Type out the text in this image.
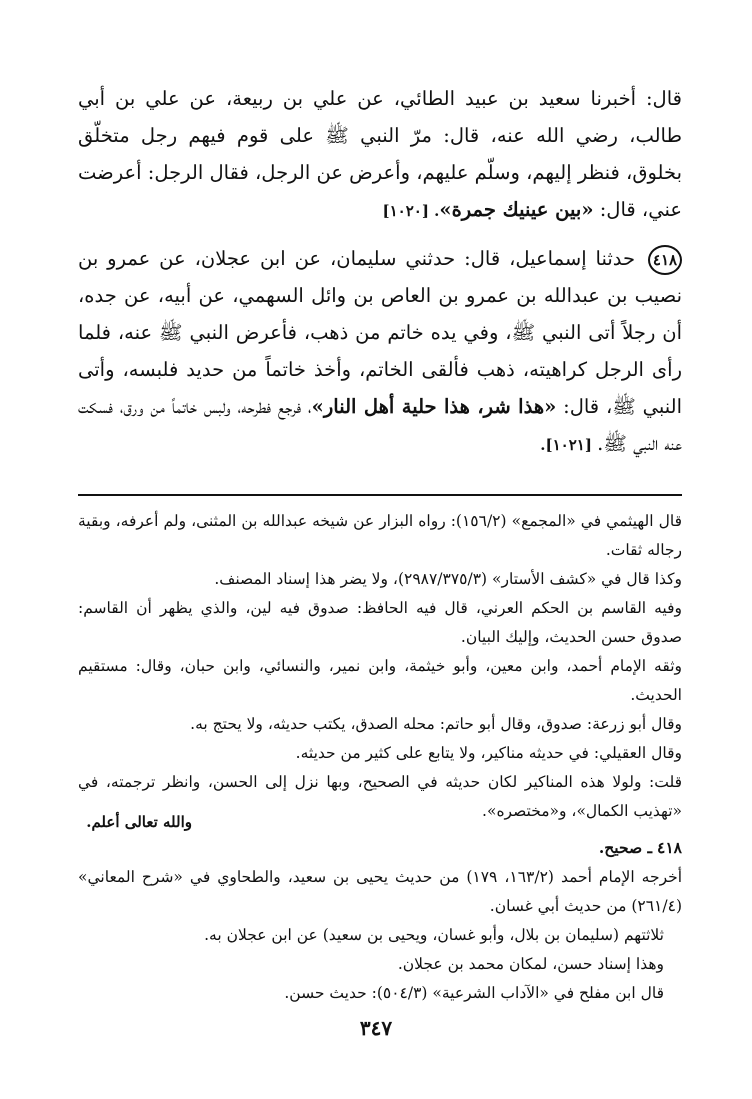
قال: أخبرنا سعيد بن عبيد الطائي، عن علي بن ربيعة، عن علي بن أبي طالب، رضي الله عنه، قال: مرّ النبي ﷺ على قوم فيهم رجل متخلّق بخلوق، فنظر إليهم، وسلّم عليهم، وأعرض عن الرجل، فقال الرجل: أعرضت عني، قال: «بين عينيك جمرة». [١٠٢٠]

٤١٨ حدثنا إسماعيل، قال: حدثني سليمان، عن ابن عجلان، عن عمرو بن نصيب بن عبدالله بن عمرو بن العاص بن وائل السهمي، عن أبيه، عن جده، أن رجلاً أتى النبي ﷺ، وفي يده خاتم من ذهب، فأعرض النبي ﷺ عنه، فلما رأى الرجل كراهيته، ذهب فألقى الخاتم، وأخذ خاتماً من حديد فلبسه، وأتى النبي ﷺ، قال: «هذا شر، هذا حلية أهل النار»، فرجع فطرحه، ولبس خاتماً من ورق، فسكت عنه النبي ﷺ. [١٠٢١].

قال الهيثمي في «المجمع» (١٥٦/٢): رواه البزار عن شيخه عبدالله بن المثنى، ولم أعرفه، وبقية رجاله ثقات.

وكذا قال في «كشف الأستار» (٢٩٨٧/٣٧٥/٣)، ولا يضر هذا إسناد المصنف.

وفيه القاسم بن الحكم العرني، قال فيه الحافظ: صدوق فيه لين، والذي يظهر أن القاسم: صدوق حسن الحديث، وإليك البيان.

وثقه الإمام أحمد، وابن معين، وأبو خيثمة، وابن نمير، والنسائي، وابن حبان، وقال: مستقيم الحديث.

وقال أبو زرعة: صدوق، وقال أبو حاتم: محله الصدق، يكتب حديثه، ولا يحتج به.

وقال العقيلي: في حديثه مناكير، ولا يتابع على كثير من حديثه.

قلت: ولولا هذه المناكير لكان حديثه في الصحيح، وبها نزل إلى الحسن، وانظر ترجمته، في «تهذيب الكمال»، و«مختصره».

والله تعالى أعلم.

٤١٨ ـ صحيح.

أخرجه الإمام أحمد (١٦٣/٢، ١٧٩) من حديث يحيى بن سعيد، والطحاوي في «شرح المعاني» (٢٦١/٤) من حديث أبي غسان.

ثلاثتهم (سليمان بن بلال، وأبو غسان، ويحيى بن سعيد) عن ابن عجلان به.

وهذا إسناد حسن، لمكان محمد بن عجلان.

قال ابن مفلح في «الآداب الشرعية» (٥٠٤/٣): حديث حسن.

٣٤٧
